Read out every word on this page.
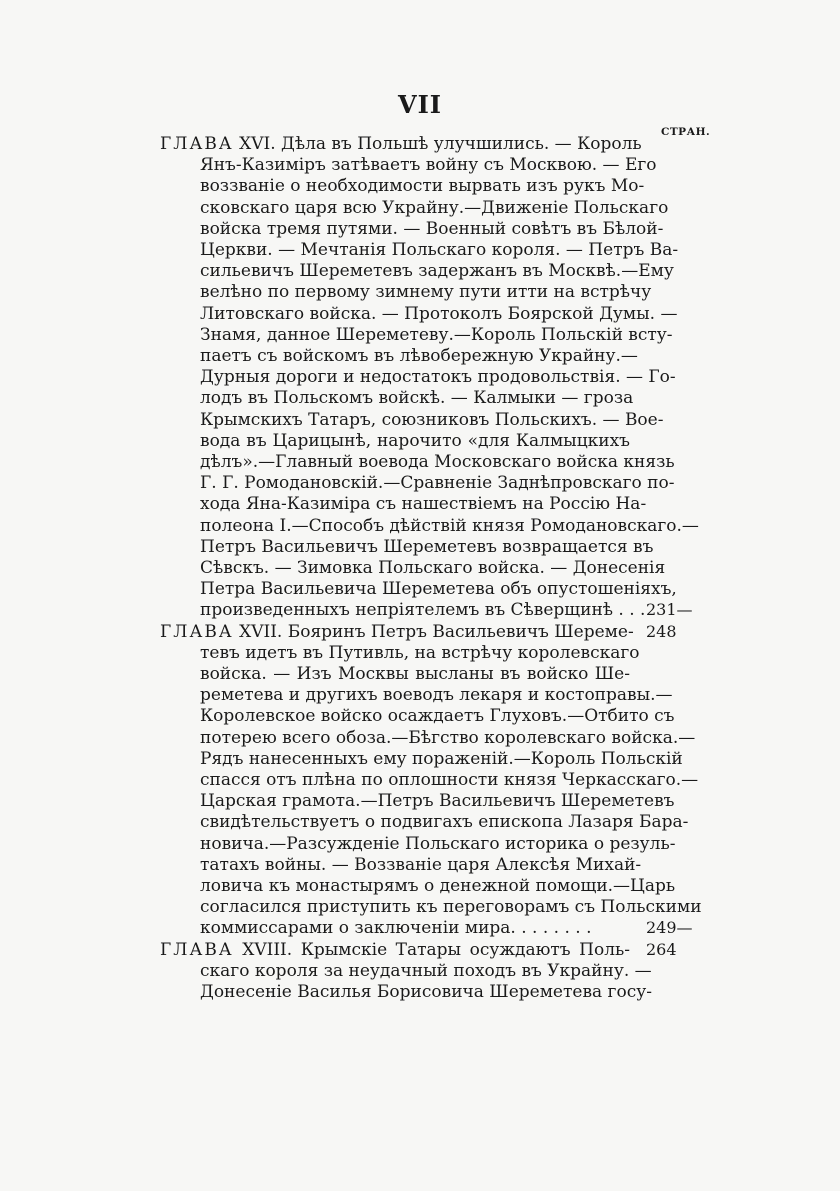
VII
СТРАН.
ГЛАВА XVI. Дѣла въ Польшѣ улучшились. — Король
Янъ-Казиміръ затѣваетъ войну съ Москвою. — Его
воззваніе о необходимости вырвать изъ рукъ Мо-
сковскаго царя всю Украйну.—Движеніе Польскаго
войска тремя путями. — Военный совѣтъ въ Бѣлой-
Церкви. — Мечтанія Польскаго короля. — Петръ Ва-
сильевичъ Шереметевъ задержанъ въ Москвѣ.—Ему
велѣно по первому зимнему пути итти на встрѣчу
Литовскаго войска. — Протоколъ Боярской Думы. —
Знамя, данное Шереметеву.—Король Польскій всту-
паетъ съ войскомъ въ лѣвобережную Украйну.—
Дурныя дороги и недостатокъ продовольствія. — Го-
лодъ въ Польскомъ войскѣ. — Калмыки — гроза
Крымскихъ Татаръ, союзниковъ Польскихъ. — Вое-
вода въ Царицынѣ, нарочито «для Калмыцкихъ
дѣлъ».—Главный воевода Московскаго войска князь
Г. Г. Ромодановскій.—Сравненіе Заднѣпровскаго по-
хода Яна-Казиміра съ нашествіемъ на Россію На-
полеона I.—Способъ дѣйствій князя Ромодановскаго.—
Петръ Васильевичъ Шереметевъ возвращается въ
Сѣвскъ. — Зимовка Польскаго войска. — Донесенія
Петра Васильевича Шереметева объ опустошеніяхъ,
произведенныхъ непріятелемъ въ Сѣверщинѣ . . . 231—248
ГЛАВА XVII. Бояринъ Петръ Васильевичъ Шереме-
тевъ идетъ въ Путивль, на встрѣчу королевскаго
войска. — Изъ Москвы высланы въ войско Ше-
реметева и другихъ воеводъ лекаря и костоправы.—
Королевское войско осаждаетъ Глуховъ.—Отбито съ
потерею всего обоза.—Бѣгство королевскаго войска.—
Рядъ нанесенныхъ ему пораженій.—Король Польскій
спасся отъ плѣна по оплошности князя Черкасскаго.—
Царская грамота.—Петръ Васильевичъ Шереметевъ
свидѣтельствуетъ о подвигахъ епископа Лазаря Бара-
новича.—Разсужденіе Польскаго историка о резуль-
татахъ войны. — Воззваніе царя Алексѣя Михай-
ловича къ монастырямъ о денежной помощи.—Царь
согласился приступить къ переговорамъ съ Польскими
коммиссарами о заключеніи мира. . . . . . . .	249—264
ГЛАВА XVIII. Крымскіе Татары осуждаютъ Поль-
скаго короля за неудачный походъ въ Украйну. —
Донесеніе Василья Борисовича Шереметева госу-
